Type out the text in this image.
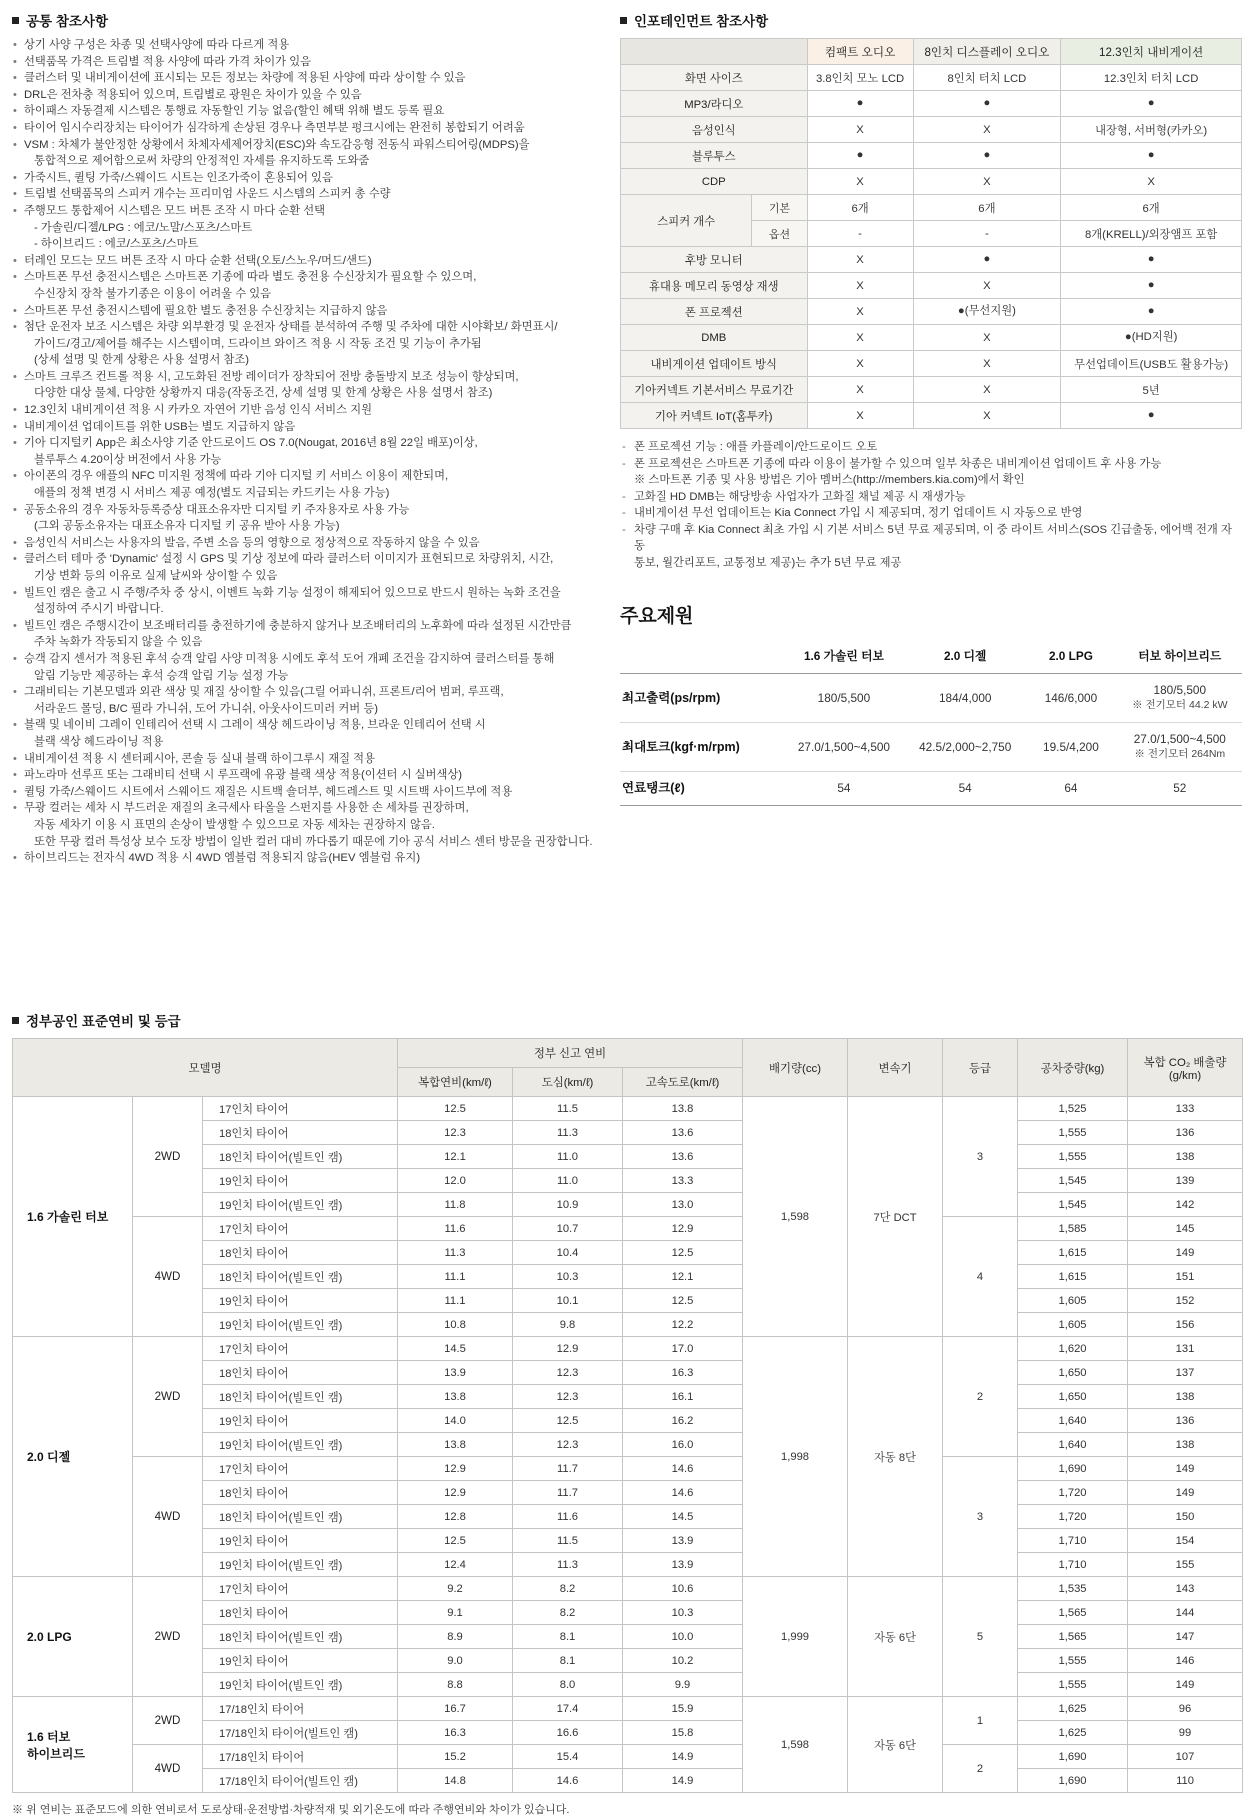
공통 참조사항
• 상기 사양 구성은 차종 및 선택사양에 따라 다르게 적용
• 선택품목 가격은 트림별 적용 사양에 따라 가격 차이가 있음
• 클러스터 및 내비게이션에 표시되는 모든 정보는 차량에 적용된 사양에 따라 상이할 수 있음
• DRL은 전차충 적용되어 있으며, 트림별로 광원은 차이가 있을 수 있음
• 하이패스 자동결제 시스템은 통행료 자동할인 기능 없음(할인 혜택 위해 별도 등록 필요
• 타이어 임시수리장치는 타이어가 심각하게 손상된 경우나 측면부분 펑크시에는 완전히 봉합되기 어려움
• VSM : 차체가 불안정한 상황에서 차체자세제어장치(ESC)와 속도감응형 전동식 파워스티어링(MDPS)을
통합적으로 제어함으로써 차량의 안정적인 자세를 유지하도록 도와줌
• 가죽시트, 퀼팅 가죽/스웨이드 시트는 인조가죽이 혼용되어 있음
• 트림별 선택품목의 스피커 개수는 프리미엄 사운드 시스템의 스피커 총 수량
• 주행모드 통합제어 시스템은 모드 버튼 조작 시 마다 순환 선택
- 가솔린/디젤/LPG : 에코/노말/스포츠/스마트
- 하이브리드 : 에코/스포츠/스마트
• 터레인 모드는 모드 버튼 조작 시 마다 순환 선택(오토/스노우/머드/샌드)
• 스마트폰 무선 충전시스템은 스마트폰 기종에 따라 별도 충전용 수신장치가 필요할 수 있으며,
수신장치 장착 불가기종은 이용이 어려울 수 있음
• 스마트폰 무선 충전시스템에 필요한 별도 충전용 수신장치는 지급하지 않음
• 첨단 운전자 보조 시스템은 차량 외부환경 및 운전자 상태를 분석하여 주행 및 주차에 대한 시야확보/ 화면표시/
가이드/경고/제어를 해주는 시스템이며, 드라이브 와이즈 적용 시 작동 조건 및 기능이 추가됨
(상세 설명 및 한계 상황은 사용 설명서 참조)
• 스마트 크루즈 컨트롤 적용 시, 고도화된 전방 레이더가 장착되어 전방 충돌방지 보조 성능이 향상되며,
다양한 대상 물체, 다양한 상황까지 대응(작동조건, 상세 설명 및 한계 상황은 사용 설명서 참조)
• 12.3인치 내비게이션 적용 시 카카오 자연어 기반 음성 인식 서비스 지원
• 내비게이션 업데이트를 위한 USB는 별도 지급하지 않음
• 기아 디지털키 App은 최소사양 기준 안드로이드 OS 7.0(Nougat, 2016년 8월 22일 배포)이상,
블루투스 4.20이상 버전에서 사용 가능
• 아이폰의 경우 애플의 NFC 미지원 정책에 따라 기아 디지털 키 서비스 이용이 제한되며,
애플의 정책 변경 시 서비스 제공 예정(별도 지급되는 카드키는 사용 가능)
• 공동소유의 경우 자동차등록증상 대표소유자만 디지털 키 주자용자로 사용 가능
(그외 공동소유자는 대표소유자 디지털 키 공유 받아 사용 가능)
• 음성인식 서비스는 사용자의 발음, 주변 소음 등의 영향으로 정상적으로 작동하지 않을 수 있음
• 클러스터 테마 중 'Dynamic' 설정 시 GPS 및 기상 정보에 따라 클러스터 이미지가 표현되므로 차량위치, 시간,
기상 변화 등의 이유로 실제 날씨와 상이할 수 있음
• 빌트인 캠은 출고 시 주행/주차 중 상시, 이벤트 녹화 기능 설정이 해제되어 있으므로 반드시 원하는 녹화 조건을
설정하여 주시기 바랍니다.
• 빌트인 캠은 주행시간이 보조배터리를 충전하기에 충분하지 않거나 보조배터리의 노후화에 따라 설정된 시간만큼
주차 녹화가 작동되지 않을 수 있음
• 승객 감지 센서가 적용된 후석 승객 알림 사양 미적용 시에도 후석 도어 개폐 조건을 감지하여 클러스터를 통해
알림 기능만 제공하는 후석 승객 알림 기능 설정 가능
• 그래비티는 기본모델과 외관 색상 및 재질 상이할 수 있음(그릴 어파니쉬, 프론트/리어 범퍼, 루프랙,
서라운드 몰딩, B/C 필라 가니쉬, 도어 가니쉬, 아웃사이드미러 커버 등)
• 블랙 및 네이비 그레이 인테리어 선택 시 그레이 색상 헤드라이닝 적용, 브라운 인테리어 선택 시
블랙 색상 헤드라이닝 적용
• 내비게이션 적용 시 센터페시아, 콘솔 등 실내 블랙 하이그루시 재질 적용
• 파노라마 선루프 또는 그래비티 선택 시 루프랙에 유광 블랙 색상 적용(이션터 시 실버색상)
• 퀼팅 가죽/스웨이드 시트에서 스웨이드 재질은 시트백 숄더부, 헤드레스트 및 시트백 사이드부에 적용
• 무광 컬러는 세차 시 부드러운 재질의 초극세사 타올을 스펀지를 사용한 손 세차를 권장하며,
자동 세차기 이용 시 표면의 손상이 발생할 수 있으므로 자동 세차는 권장하지 않음.
또한 무광 컬러 특성상 보수 도장 방법이 일반 컬러 대비 까다롭기 때문에 기아 공식 서비스 센터 방문을 권장합니다.
• 하이브리드는 전자식 4WD 적용 시 4WD 엠블럼 적용되지 않음(HEV 엠블럼 유지)
인포테인먼트 참조사항
		컴팩트 오디오	8인치 디스플레이 오디오	12.3인치 내비게이션
화면 사이즈		3.8인치 모노 LCD	8인치 터치 LCD	12.3인치 터치 LCD
MP3/라디오		●	●	●
음성인식		X	X	내장형, 서버형(카카오)
블루투스		●	●	●
CDP		X	X	X
스피커 개수	기본	6개	6개	6개
	옵션	-	-	8개(KRELL)/외장앰프 포함
후방 모니터		X	●	●
휴대용 메모리 동영상 재생		X	X	●
폰 프로젝션		X	●(무선지원)	●
DMB		X	X	●(HD지원)
내비게이션 업데이트 방식		X	X	무선업데이트(USB도 활용가능)
기아커넥트 기본서비스 무료기간		X	X	5년
기아 커넥트 IoT(홈투카)		X	X	●
- 폰 프로젝션 기능 : 애플 카플레이/안드로이드 오토
- 폰 프로젝션은 스마트폰 기종에 따라 이용이 불가할 수 있으며 일부 차종은 내비게이션 업데이트 후 사용 가능
※ 스마트폰 기종 및 사용 방법은 기아 멤버스(http://members.kia.com)에서 확인
- 고화질 HD DMB는 해당방송 사업자가 고화질 채널 제공 시 재생가능
- 내비게이션 무선 업데이트는 Kia Connect 가입 시 제공되며, 정기 업데이트 시 자동으로 반영
- 차량 구매 후 Kia Connect 최초 가입 시 기본 서비스 5년 무료 제공되며, 이 중 라이트 서비스(SOS 긴급출동, 에어백 전개 자동
통보, 월간리포트, 교통정보 제공)는 추가 5년 무료 제공
주요제원
	1.6 가솔린 터보	2.0 디젤	2.0 LPG	터보 하이브리드
최고출력(ps/rpm)	180/5,500	184/4,000	146/6,000	180/5,500
※ 전기모터 44.2 kW

최대토크(kgf·m/rpm)	27.0/1,500~4,500	42.5/2,000~2,750	19.5/4,200	27.0/1,500~4,500
※ 전기모터 264Nm

연료탱크(ℓ)	54	54	64	52
정부공인 표준연비 및 등급
모델명			정부 신고 연비			배기량(cc)	변속기	등급	공차중량(kg)	복합 CO₂ 배출량
(g/km)
			복합연비(km/ℓ)	도심(km/ℓ)	고속도로(km/ℓ)					
1.6 가솔린 터보	2WD	17인치 타이어	12.5	11.5	13.8	1,598	7단 DCT	3	1,525	133
		18인치 타이어	12.3	11.3	13.6				1,555	136
		18인치 타이어(빌트인 캠)	12.1	11.0	13.6				1,555	138
		19인치 타이어	12.0	11.0	13.3				1,545	139
		19인치 타이어(빌트인 캠)	11.8	10.9	13.0				1,545	142
	4WD	17인치 타이어	11.6	10.7	12.9			4	1,585	145
		18인치 타이어	11.3	10.4	12.5				1,615	149
		18인치 타이어(빌트인 캠)	11.1	10.3	12.1				1,615	151
		19인치 타이어	11.1	10.1	12.5				1,605	152
		19인치 타이어(빌트인 캠)	10.8	9.8	12.2				1,605	156
2.0 디젤	2WD	17인치 타이어	14.5	12.9	17.0	1,998	자동 8단	2	1,620	131
		18인치 타이어	13.9	12.3	16.3				1,650	137
		18인치 타이어(빌트인 캠)	13.8	12.3	16.1				1,650	138
		19인치 타이어	14.0	12.5	16.2				1,640	136
		19인치 타이어(빌트인 캠)	13.8	12.3	16.0				1,640	138
	4WD	17인치 타이어	12.9	11.7	14.6			3	1,690	149
		18인치 타이어	12.9	11.7	14.6				1,720	149
		18인치 타이어(빌트인 캠)	12.8	11.6	14.5				1,720	150
		19인치 타이어	12.5	11.5	13.9				1,710	154
		19인치 타이어(빌트인 캠)	12.4	11.3	13.9				1,710	155
2.0 LPG	2WD	17인치 타이어	9.2	8.2	10.6	1,999	자동 6단	5	1,535	143
		18인치 타이어	9.1	8.2	10.3				1,565	144
		18인치 타이어(빌트인 캠)	8.9	8.1	10.0				1,565	147
		19인치 타이어	9.0	8.1	10.2				1,555	146
		19인치 타이어(빌트인 캠)	8.8	8.0	9.9				1,555	149

1.6 터보
하이브리드	2WD	17/18인치 타이어	16.7	17.4	15.9	1,598	자동 6단	1	1,625	96
		17/18인치 타이어(빌트인 캠)	16.3	16.6	15.8				1,625	99
	4WD	17/18인치 타이어	15.2	15.4	14.9			2	1,690	107
		17/18인치 타이어(빌트인 캠)	14.8	14.6	14.9				1,690	110
※ 위 연비는 표준모드에 의한 연비로서 도로상태·운전방법·차량적재 및 외기온도에 따라 주행연비와 차이가 있습니다.
